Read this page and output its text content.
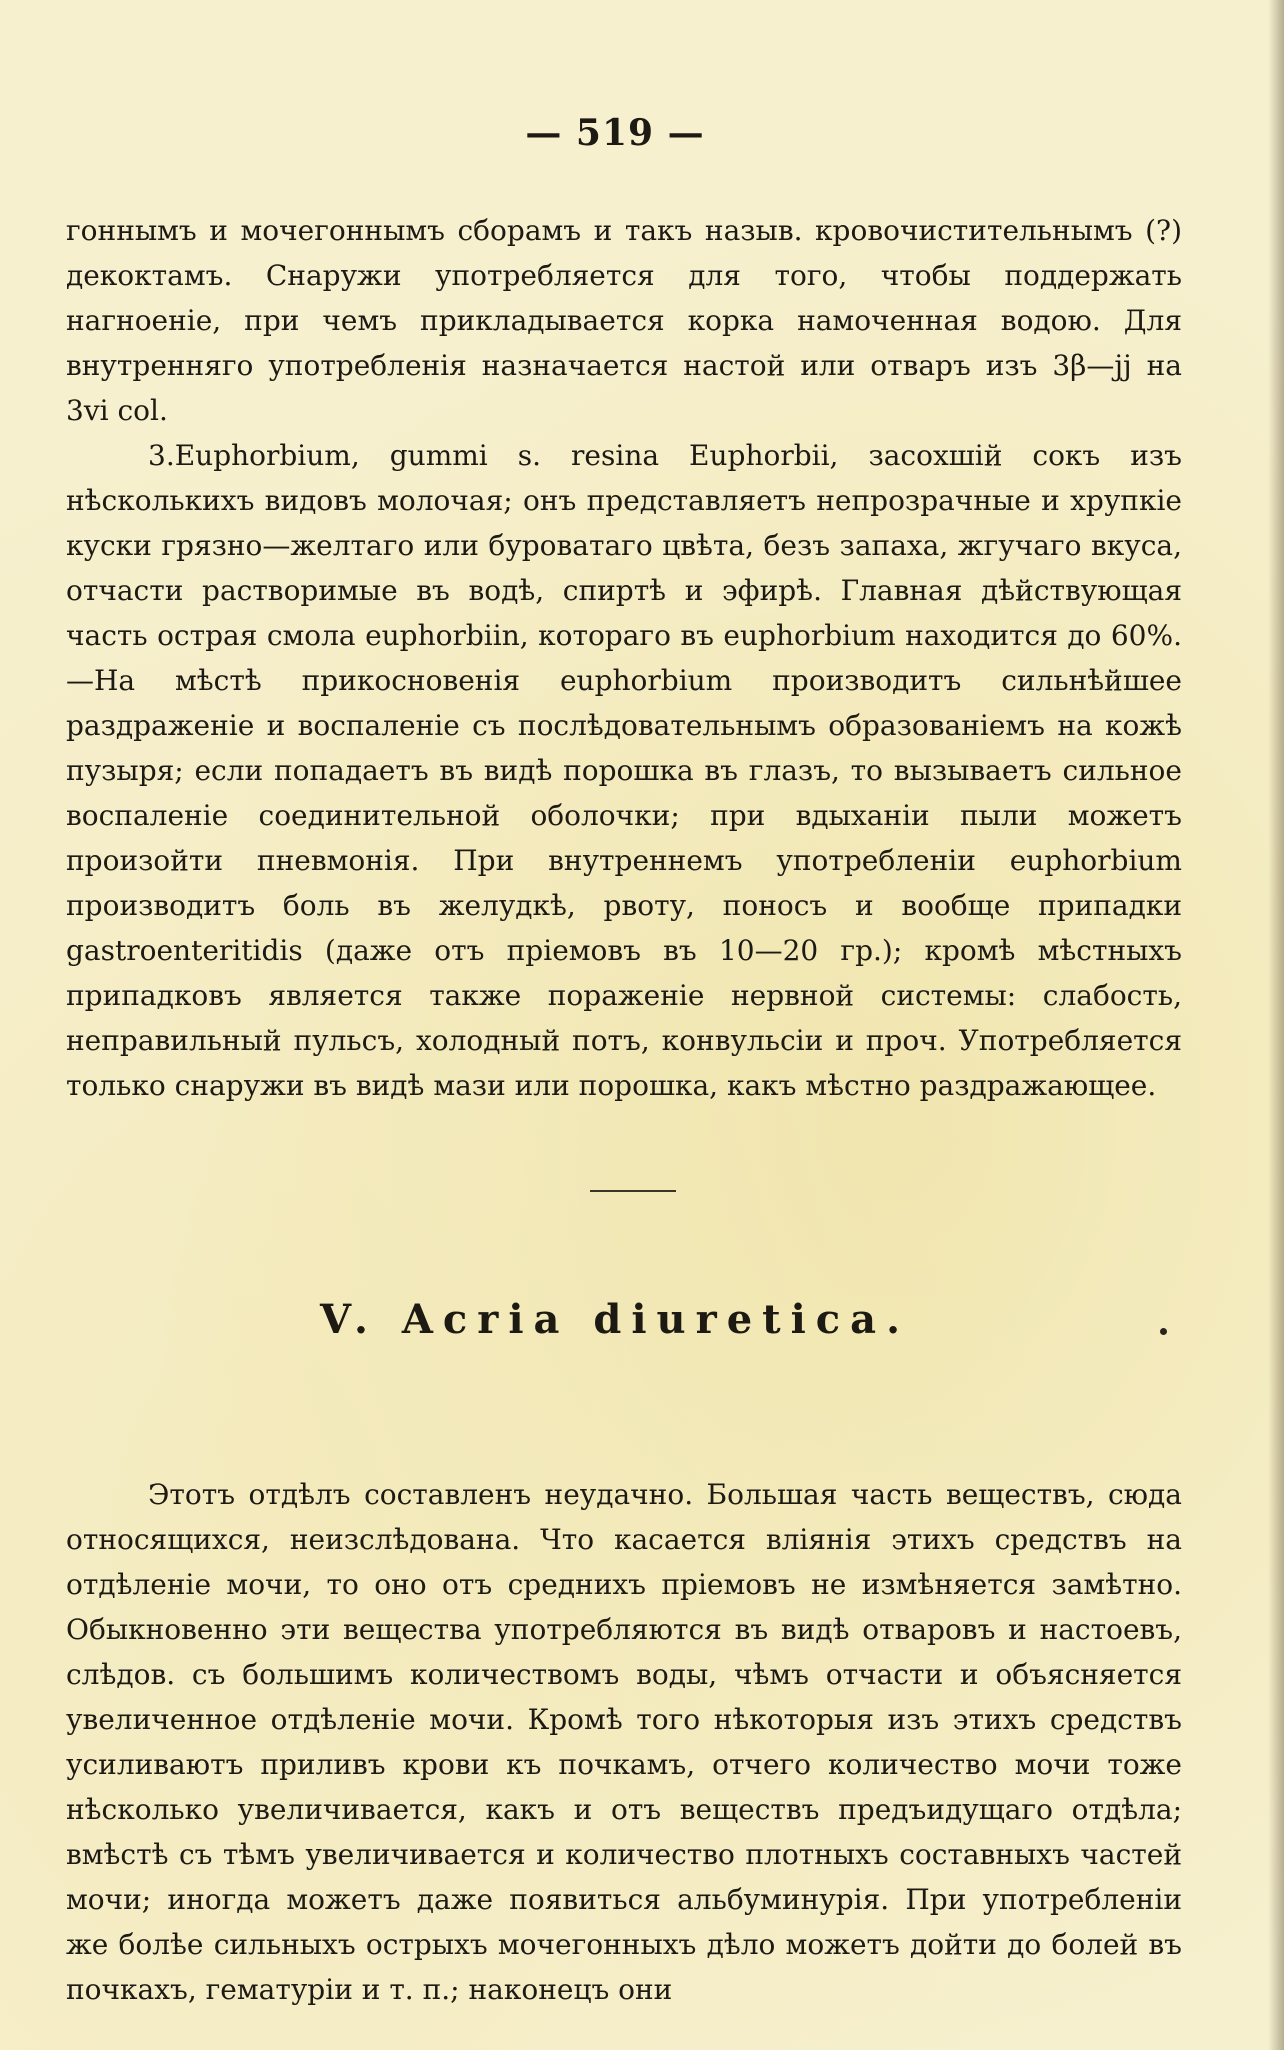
— 519 —

гоннымъ и мочегоннымъ сборамъ и такъ назыв. кровочистительнымъ (?) декоктамъ. Снаружи употребляется для того, чтобы поддержать нагноеніе, при чемъ прикладывается корка намоченная водою. Для внутренняго употребленія назначается настой или отваръ изъ 3β—jj на 3vi col.

3.Euphorbium, gummi s. resina Euphorbii, засохшій сокъ изъ нѣсколькихъ видовъ молочая; онъ представляетъ непрозрачные и хрупкіе куски грязно—желтаго или буроватаго цвѣта, безъ запаха, жгучаго вкуса, отчасти растворимые въ водѣ, спиртѣ и эфирѣ. Главная дѣйствующая часть острая смола euphorbiin, котораго въ euphorbium находится до 60%.—На мѣстѣ прикосновенія euphorbium производитъ сильнѣйшее раздраженіе и воспаленіе съ послѣдовательнымъ образованіемъ на кожѣ пузыря; если попадаетъ въ видѣ порошка въ глазъ, то вызываетъ сильное воспаленіе соединительной оболочки; при вдыханіи пыли можетъ произойти пневмонія. При внутреннемъ употребленіи euphorbium производитъ боль въ желудкѣ, рвоту, поносъ и вообще припадки gastroenteritidis (даже отъ пріемовъ въ 10—20 гр.); кромѣ мѣстныхъ припадковъ является также пораженіе нервной системы: слабость, неправильный пульсъ, холодный потъ, конвульсіи и проч. Употребляется только снаружи въ видѣ мази или порошка, какъ мѣстно раздражающее.

V. Acria diuretica.

Этотъ отдѣлъ составленъ неудачно. Большая часть веществъ, сюда относящихся, неизслѣдована. Что касается вліянія этихъ средствъ на отдѣленіе мочи, то оно отъ среднихъ пріемовъ не измѣняется замѣтно. Обыкновенно эти вещества употребляются въ видѣ отваровъ и настоевъ, слѣдов. съ большимъ количествомъ воды, чѣмъ отчасти и объясняется увеличенное отдѣленіе мочи. Кромѣ того нѣкоторыя изъ этихъ средствъ усиливаютъ приливъ крови къ почкамъ, отчего количество мочи тоже нѣсколько увеличивается, какъ и отъ веществъ предъидущаго отдѣла; вмѣстѣ съ тѣмъ увеличивается и количество плотныхъ составныхъ частей мочи; иногда можетъ даже появиться альбуминурія. При употребленіи же болѣе сильныхъ острыхъ мочегонныхъ дѣло можетъ дойти до болей въ почкахъ, гематуріи и т. п.; наконецъ они
